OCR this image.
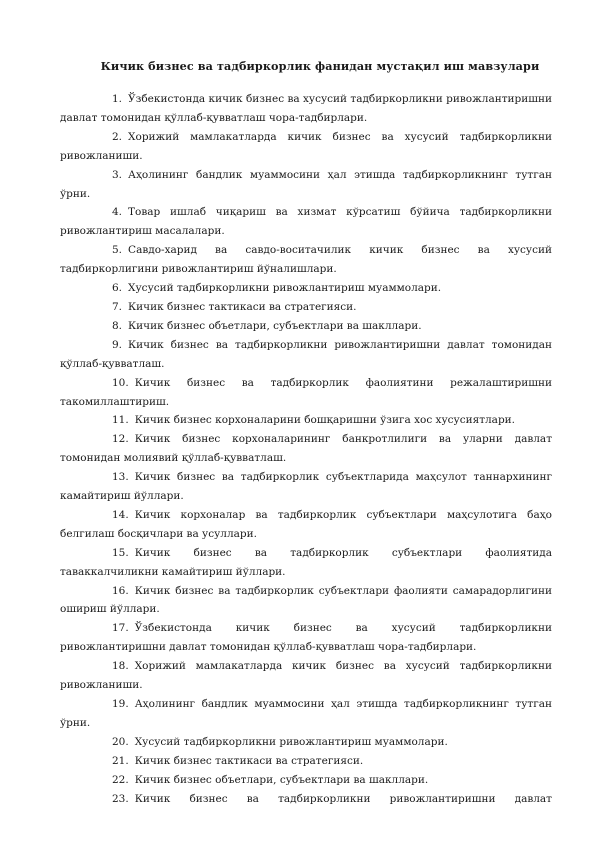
Кичик бизнес ва тадбиркорлик фанидан мустақил иш мавзулари
1. Ўзбекистонда кичик бизнес ва хусусий тадбиркорликни ривожлантиришни давлат томонидан қўллаб-қувватлаш чора-тадбирлари.
2. Хорижий мамлакатларда кичик бизнес ва хусусий тадбиркорликни ривожланиши.
3. Аҳолининг бандлик муаммосини ҳал этишда тадбиркорликнинг тутган ўрни.
4. Товар ишлаб чиқариш ва хизмат кўрсатиш бўйича тадбиркорликни ривожлантириш масалалари.
5. Савдо-харид ва савдо-воситачилик кичик бизнес ва хусусий тадбиркорлигини ривожлантириш йўналишлари.
6. Хусусий тадбиркорликни ривожлантириш муаммолари.
7. Кичик бизнес тактикаси ва стратегияси.
8. Кичик бизнес объетлари, субъектлари ва шакллари.
9. Кичик бизнес ва тадбиркорликни ривожлантиришни давлат томонидан қўллаб-қувватлаш.
10. Кичик бизнес ва тадбиркорлик фаолиятини режалаштиришни такомиллаштириш.
11. Кичик бизнес корхоналарини бошқаришни ўзига хос хусусиятлари.
12. Кичик бизнес корхоналарининг банкротлилиги ва уларни давлат томонидан молиявий қўллаб-қувватлаш.
13. Кичик бизнес ва тадбиркорлик субъектларида маҳсулот таннархининг камайтириш йўллари.
14. Кичик корхоналар ва тадбиркорлик субъектлари маҳсулотига баҳо белгилаш босқичлари ва усуллари.
15. Кичик бизнес ва тадбиркорлик субъектлари фаолиятида таваккалчиликни камайтириш йўллари.
16. Кичик бизнес ва тадбиркорлик субъектлари фаолияти самарадорлигини ошириш йўллари.
17. Ўзбекистонда кичик бизнес ва хусусий тадбиркорликни ривожлантиришни давлат томонидан қўллаб-қувватлаш чора-тадбирлари.
18. Хорижий мамлакатларда кичик бизнес ва хусусий тадбиркорликни ривожланиши.
19. Аҳолининг бандлик муаммосини ҳал этишда тадбиркорликнинг тутган ўрни.
20. Хусусий тадбиркорликни ривожлантириш муаммолари.
21. Кичик бизнес тактикаси ва стратегияси.
22. Кичик бизнес объетлари, субъектлари ва шакллари.
23. Кичик бизнес ва тадбиркорликни ривожлантиришни давлат
